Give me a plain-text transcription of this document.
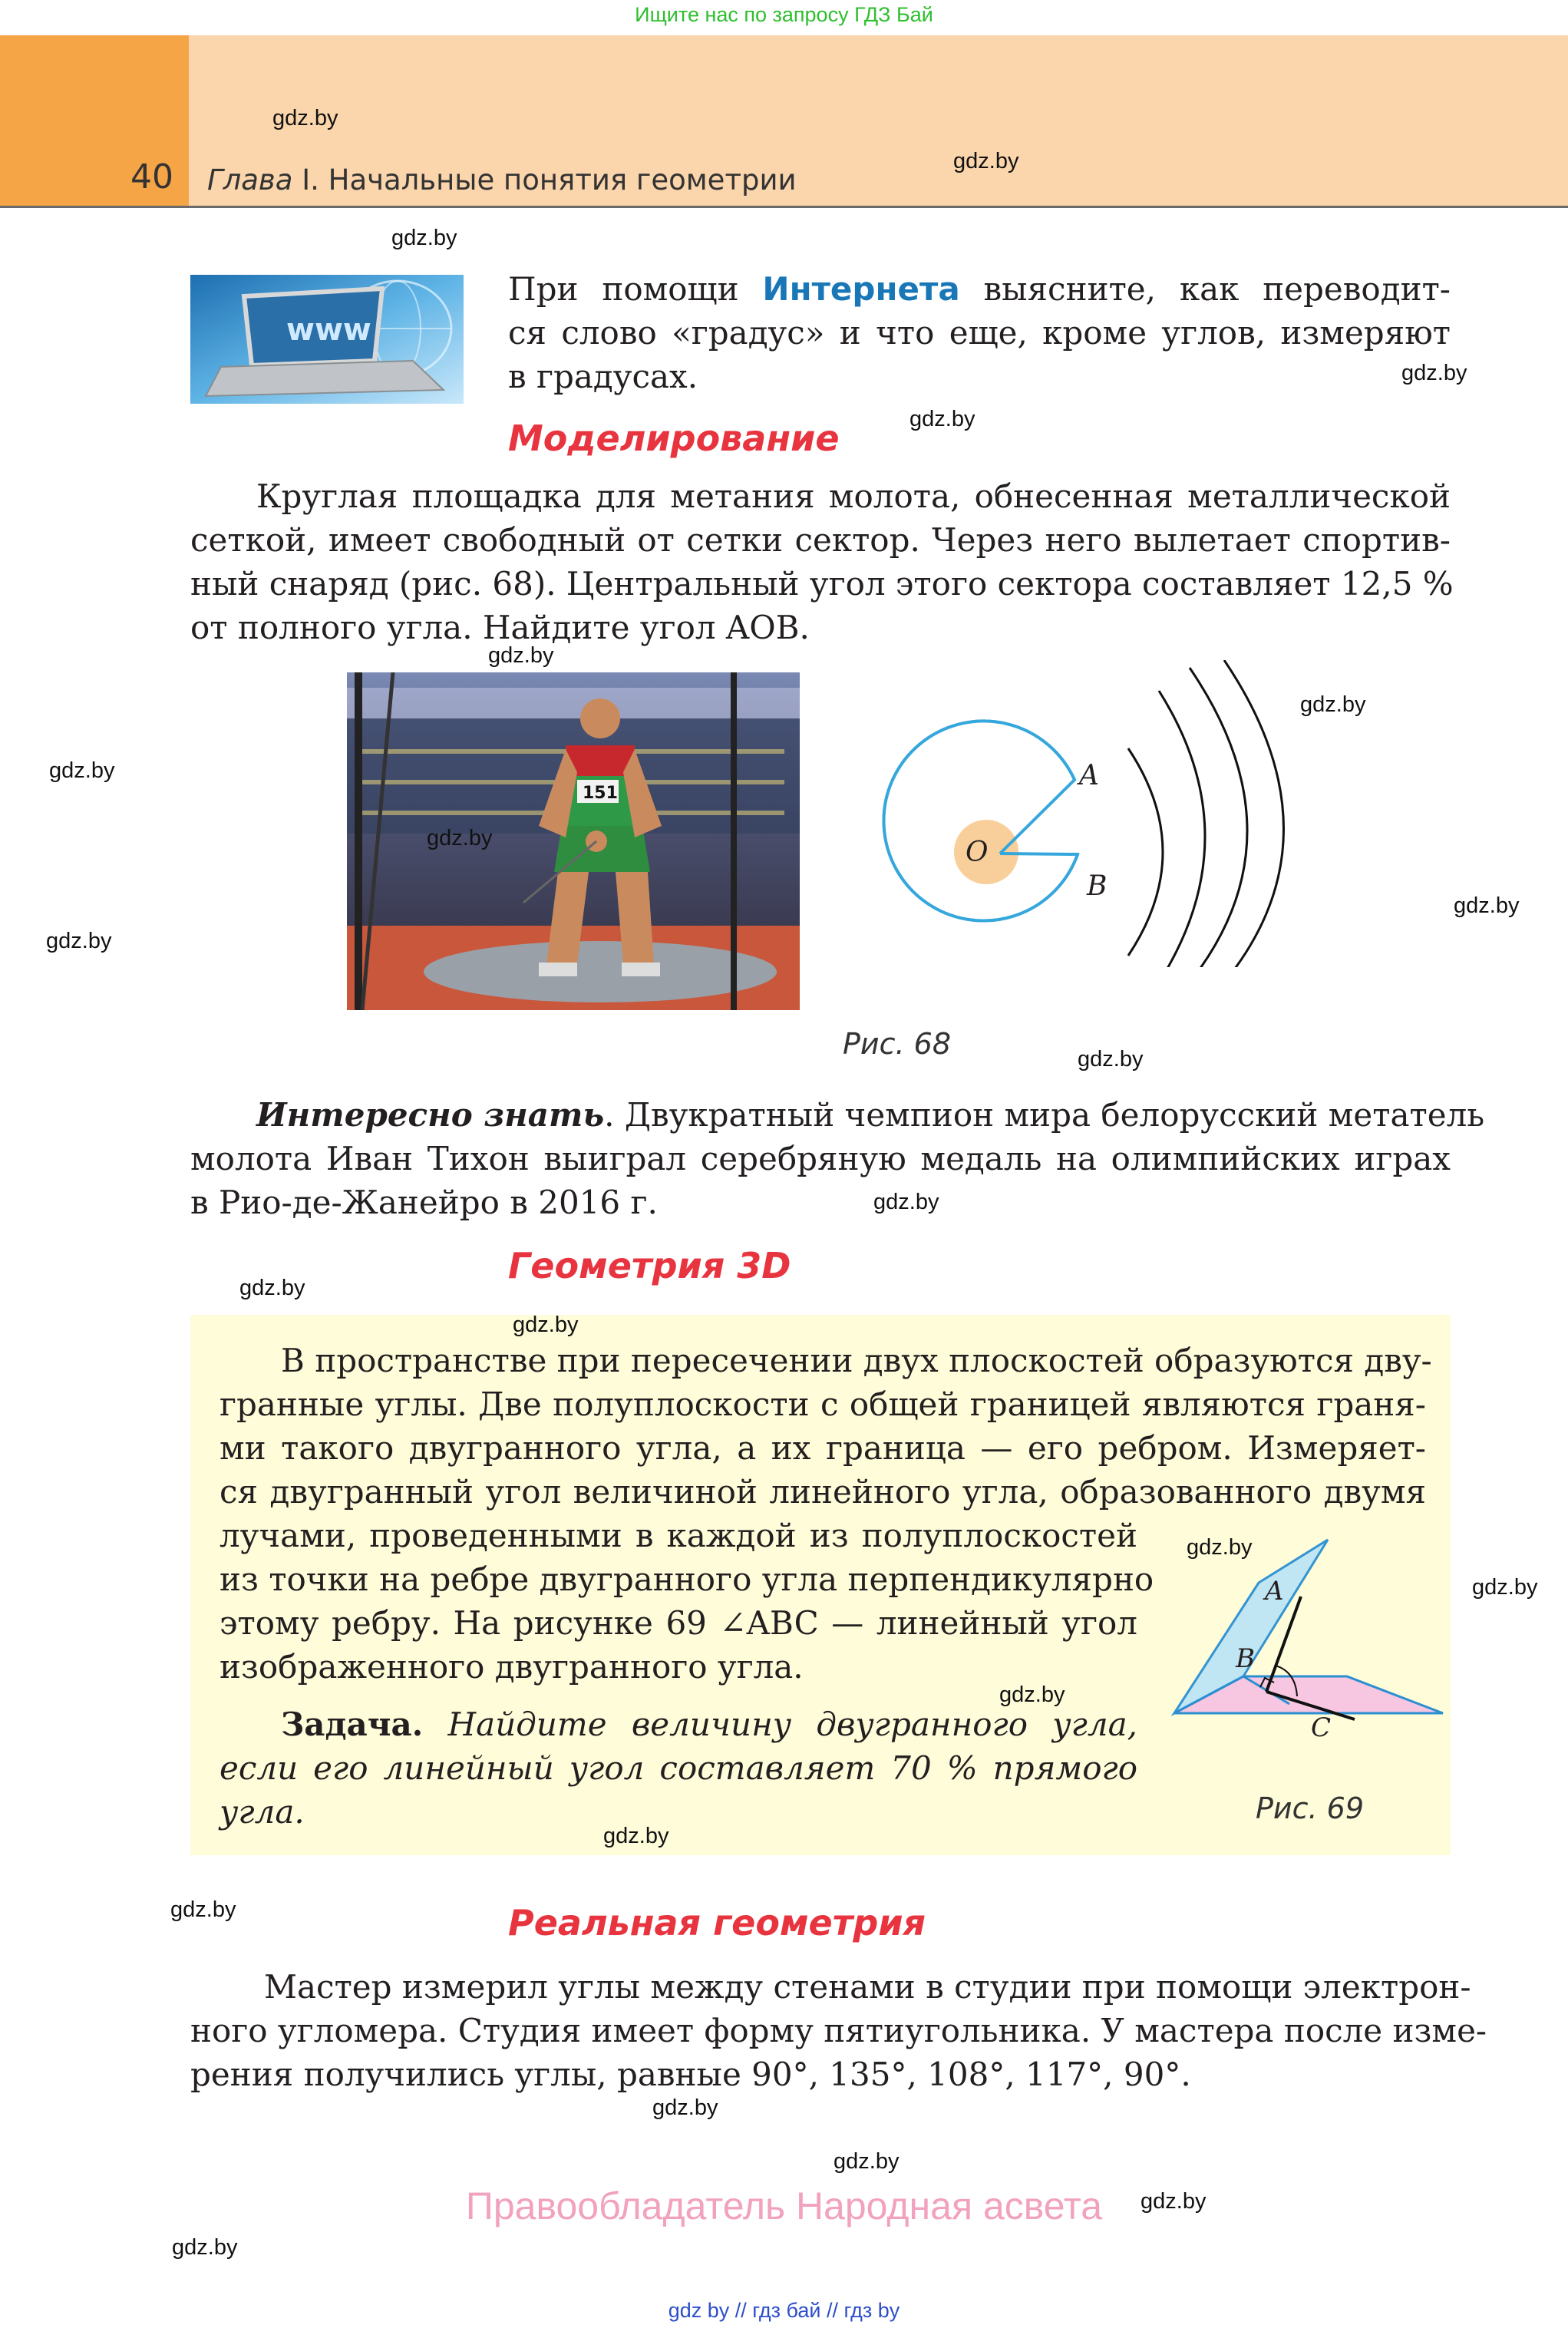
Ищите нас по запросу ГДЗ Бай
40 Глава I. Начальные понятия геометрии
www
При помощи Интернета выясните, как переводит-
ся слово «градус» и что еще, кроме углов, измеряют
в градусах.
Моделирование
Круглая площадка для метания молота, обнесенная металлической
сеткой, имеет свободный от сетки сектор. Через него вылетает спортив-
ный снаряд (рис. 68). Центральный угол этого сектора составляет 12,5 %
от полного угла. Найдите угол AOB.
151
O
A
B
Рис. 68
Интересно знать. Двукратный чемпион мира белорусский метатель
молота Иван Тихон выиграл серебряную медаль на олимпийских играх
в Рио-де-Жанейро в 2016 г.
Геометрия 3D
В пространстве при пересечении двух плоскостей образуются дву-
гранные углы. Две полуплоскости с общей границей являются граня-
ми такого двугранного угла, а их граница — его ребром. Измеряет-
ся двугранный угол величиной линейного угла, образованного двумя
лучами, проведенными в каждой из полуплоскостей
из точки на ребре двугранного угла перпендикулярно
этому ребру. На рисунке 69 ∠ABC — линейный угол
изображенного двугранного угла.
Задача. Найдите величину двугранного угла,
если его линейный угол составляет 70 % прямого
угла.
A
B
C
Рис. 69
Реальная геометрия
Мастер измерил углы между стенами в студии при помощи электрон-
ного угломера. Студия имеет форму пятиугольника. У мастера после изме-
рения получились углы, равные 90°, 135°, 108°, 117°, 90°.
Правообладатель Народная асвета
gdz by // гдз бай // гдз by
gdz.by
gdz.by
gdz.by
gdz.by
gdz.by
gdz.by
gdz.by
gdz.by
gdz.by
gdz.by
gdz.by
gdz.by
gdz.by
gdz.by
gdz.by
gdz.by
gdz.by
gdz.by
gdz.by
gdz.by
gdz.by
gdz.by
gdz.by
gdz.by
